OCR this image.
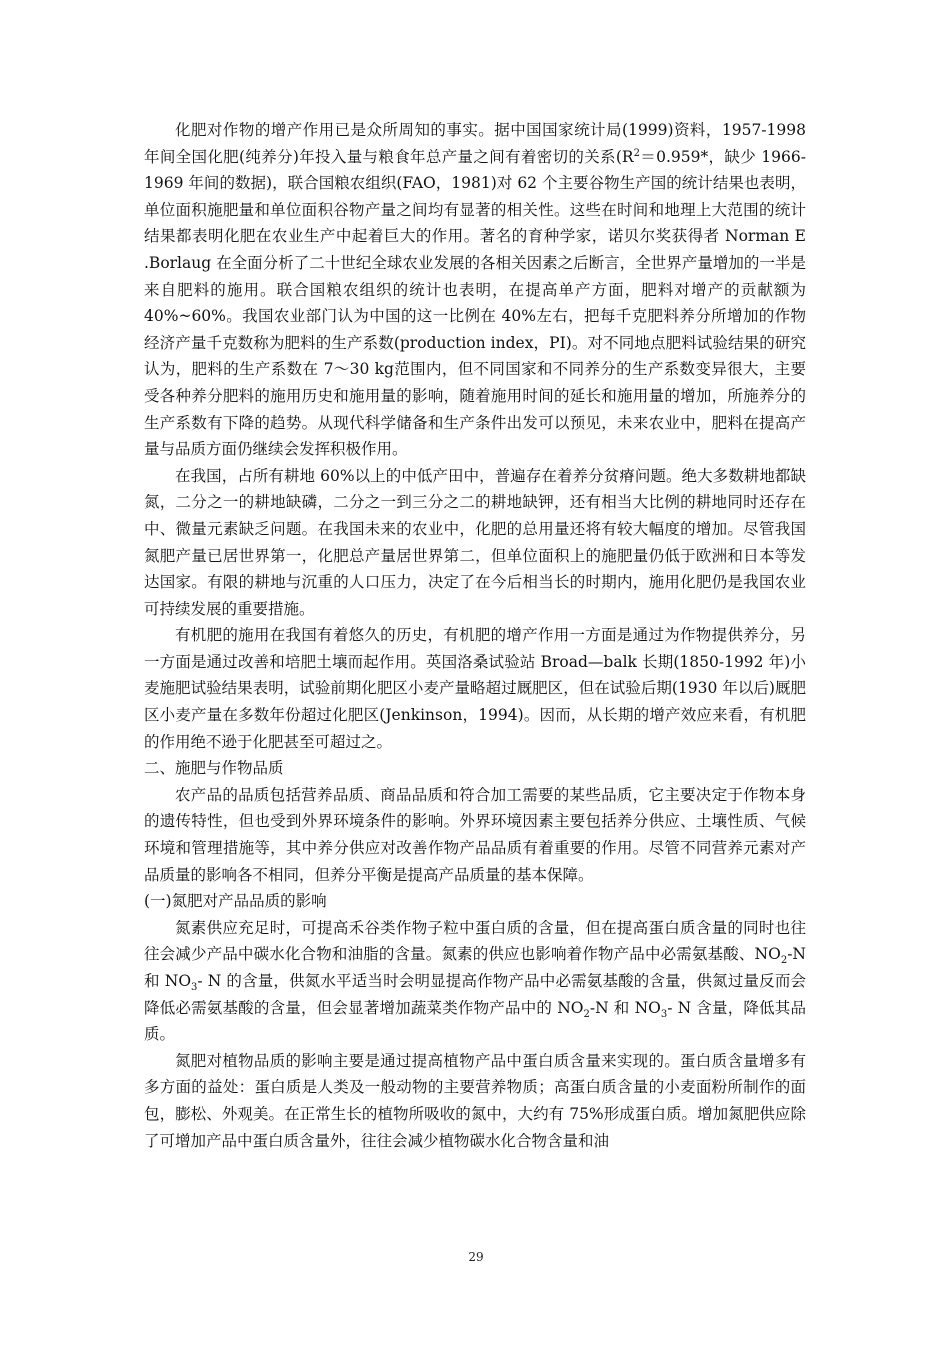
化肥对作物的增产作用已是众所周知的事实。据中国国家统计局(1999)资料，1957-1998 年间全国化肥(纯养分)年投入量与粮食年总产量之间有着密切的关系($R^2=0.959*$，缺少 1966-1969 年间的数据)，联合国粮农组织(FAO，1981)对 62 个主要谷物生产国的统计结果也表明，单位面积施肥量和单位面积谷物产量之间均有显著的相关性。这些在时间和地理上大范围的统计结果都表明化肥在农业生产中起着巨大的作用。著名的育种学家，诺贝尔奖获得者 Norman E .Borlaug 在全面分析了二十世纪全球农业发展的各相关因素之后断言，全世界产量增加的一半是来自肥料的施用。联合国粮农组织的统计也表明，在提高单产方面，肥料对增产的贡献额为 40%~60%。我国农业部门认为中国的这一比例在 40%左右，把每千克肥料养分所增加的作物经济产量千克数称为肥料的生产系数(production index，PI)。对不同地点肥料试验结果的研究认为，肥料的生产系数在 7～30 kg范围内，但不同国家和不同养分的生产系数变异很大，主要受各种养分肥料的施用历史和施用量的影响，随着施用时间的延长和施用量的增加，所施养分的生产系数有下降的趋势。从现代科学储备和生产条件出发可以预见，未来农业中，肥料在提高产量与品质方面仍继续会发挥积极作用。

在我国，占所有耕地 60%以上的中低产田中，普遍存在着养分贫瘠问题。绝大多数耕地都缺氮，二分之一的耕地缺磷，二分之一到三分之二的耕地缺钾，还有相当大比例的耕地同时还存在中、微量元素缺乏问题。在我国未来的农业中，化肥的总用量还将有较大幅度的增加。尽管我国氮肥产量已居世界第一，化肥总产量居世界第二，但单位面积上的施肥量仍低于欧洲和日本等发达国家。有限的耕地与沉重的人口压力，决定了在今后相当长的时期内，施用化肥仍是我国农业可持续发展的重要措施。

有机肥的施用在我国有着悠久的历史，有机肥的增产作用一方面是通过为作物提供养分，另一方面是通过改善和培肥土壤而起作用。英国洛桑试验站 Broad—balk 长期(1850-1992 年)小麦施肥试验结果表明，试验前期化肥区小麦产量略超过厩肥区，但在试验后期(1930 年以后)厩肥区小麦产量在多数年份超过化肥区(Jenkinson，1994)。因而，从长期的增产效应来看，有机肥的作用绝不逊于化肥甚至可超过之。

二、施肥与作物品质

农产品的品质包括营养品质、商品品质和符合加工需要的某些品质，它主要决定于作物本身的遗传特性，但也受到外界环境条件的影响。外界环境因素主要包括养分供应、土壤性质、气候环境和管理措施等，其中养分供应对改善作物产品品质有着重要的作用。尽管不同营养元素对产品质量的影响各不相同，但养分平衡是提高产品质量的基本保障。

(一)氮肥对产品品质的影响

氮素供应充足时，可提高禾谷类作物子粒中蛋白质的含量，但在提高蛋白质含量的同时也往往会减少产品中碳水化合物和油脂的含量。氮素的供应也影响着作物产品中必需氨基酸、$NO_2-N$ 和 $NO_3-$ N 的含量，供氮水平适当时会明显提高作物产品中必需氨基酸的含量，供氮过量反而会降低必需氨基酸的含量，但会显著增加蔬菜类作物产品中的 $NO_2-N$ 和 $NO_3-$ N 含量，降低其品质。

氮肥对植物品质的影响主要是通过提高植物产品中蛋白质含量来实现的。蛋白质含量增多有多方面的益处：蛋白质是人类及一般动物的主要营养物质；高蛋白质含量的小麦面粉所制作的面包，膨松、外观美。在正常生长的植物所吸收的氮中，大约有 75%形成蛋白质。增加氮肥供应除了可增加产品中蛋白质含量外，往往会减少植物碳水化合物含量和油

29
